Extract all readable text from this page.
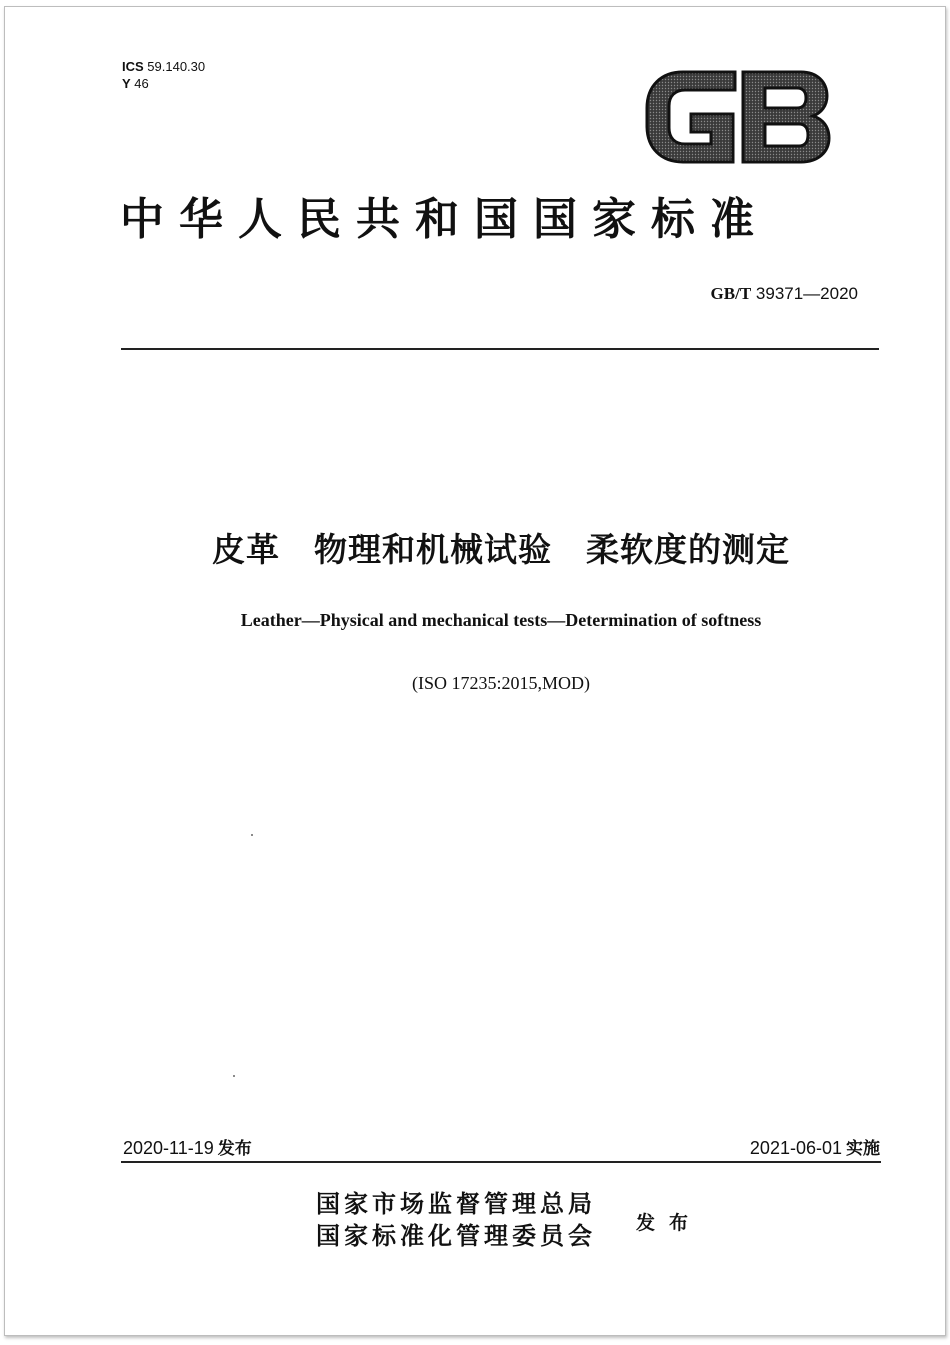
ICS 59.140.30
Y 46
中华人民共和国国家标准
GB/T 39371—2020
皮革　物理和机械试验　柔软度的测定
Leather—Physical and mechanical tests—Determination of softness
(ISO 17235:2015,MOD)
2020-11-19 发布	2021-06-01 实施
国家市场监督管理总局
国家标准化管理委员会 发布
